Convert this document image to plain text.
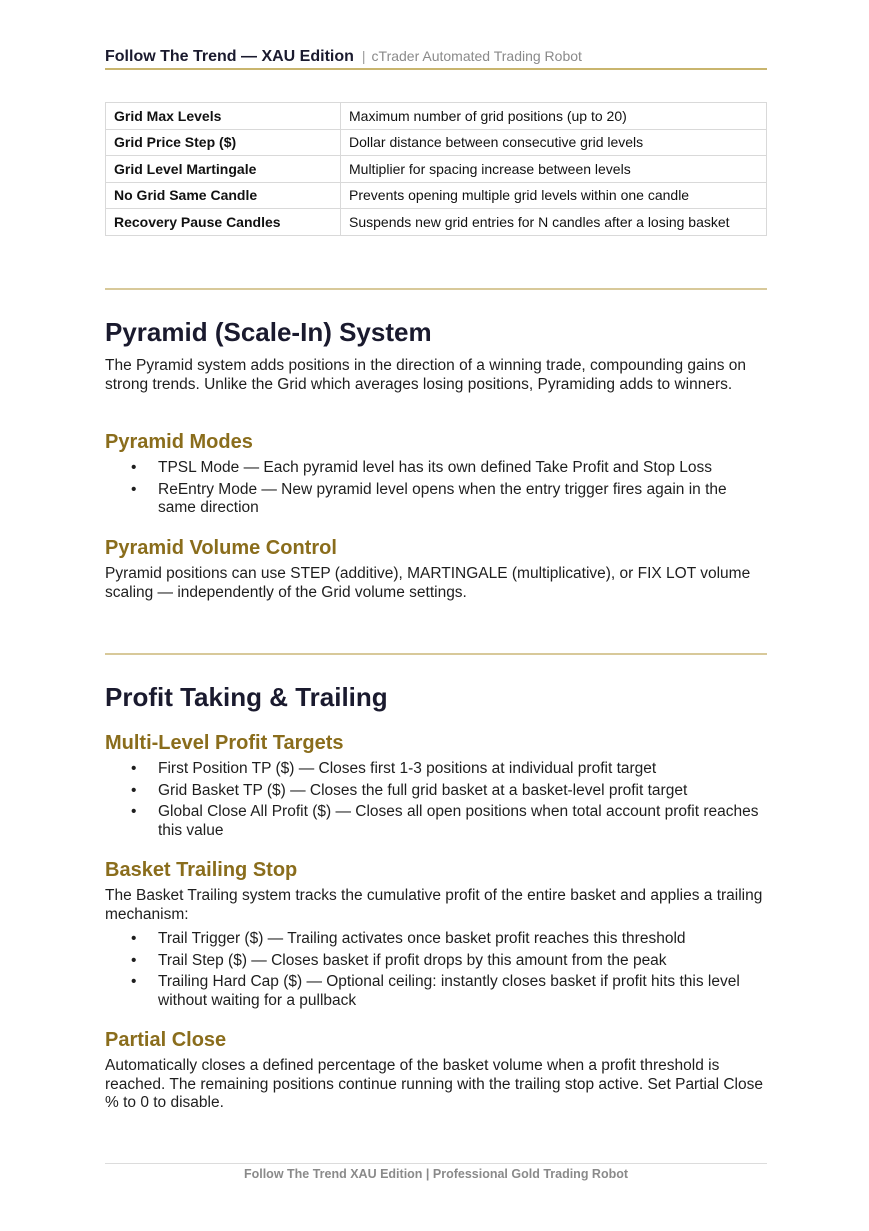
Follow The Trend — XAU Edition | cTrader Automated Trading Robot
Grid Max Levels	Maximum number of grid positions (up to 20)
Grid Price Step ($)	Dollar distance between consecutive grid levels
Grid Level Martingale	Multiplier for spacing increase between levels
No Grid Same Candle	Prevents opening multiple grid levels within one candle
Recovery Pause Candles	Suspends new grid entries for N candles after a losing basket
Pyramid (Scale-In) System

The Pyramid system adds positions in the direction of a winning trade, compounding gains on strong trends. Unlike the Grid which averages losing positions, Pyramiding adds to winners.

Pyramid Modes
• TPSL Mode — Each pyramid level has its own defined Take Profit and Stop Loss
• ReEntry Mode — New pyramid level opens when the entry trigger fires again in the same direction
Pyramid Volume Control

Pyramid positions can use STEP (additive), MARTINGALE (multiplicative), or FIX LOT volume scaling — independently of the Grid volume settings.

Profit Taking & Trailing
Multi-Level Profit Targets
• First Position TP ($) — Closes first 1-3 positions at individual profit target
• Grid Basket TP ($) — Closes the full grid basket at a basket-level profit target
• Global Close All Profit ($) — Closes all open positions when total account profit reaches this value
Basket Trailing Stop

The Basket Trailing system tracks the cumulative profit of the entire basket and applies a trailing mechanism:

• Trail Trigger ($) — Trailing activates once basket profit reaches this threshold
• Trail Step ($) — Closes basket if profit drops by this amount from the peak
• Trailing Hard Cap ($) — Optional ceiling: instantly closes basket if profit hits this level without waiting for a pullback
Partial Close

Automatically closes a defined percentage of the basket volume when a profit threshold is reached. The remaining positions continue running with the trailing stop active. Set Partial Close % to 0 to disable.

Follow The Trend XAU Edition | Professional Gold Trading Robot
